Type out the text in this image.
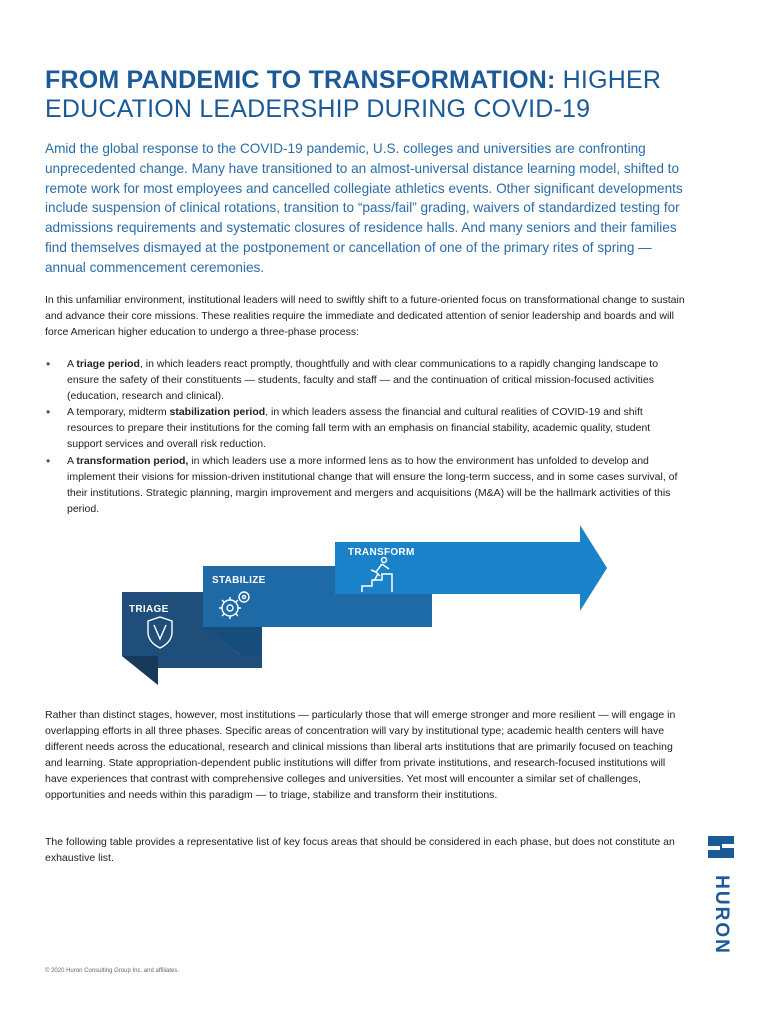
FROM PANDEMIC TO TRANSFORMATION: HIGHER EDUCATION LEADERSHIP DURING COVID-19

Amid the global response to the COVID-19 pandemic, U.S. colleges and universities are confronting unprecedented change. Many have transitioned to an almost-universal distance learning model, shifted to remote work for most employees and cancelled collegiate athletics events. Other significant developments include suspension of clinical rotations, transition to “pass/fail” grading, waivers of standardized testing for admissions requirements and systematic closures of residence halls. And many seniors and their families find themselves dismayed at the postponement or cancellation of one of the primary rites of spring — annual commencement ceremonies.

In this unfamiliar environment, institutional leaders will need to swiftly shift to a future-oriented focus on transformational change to sustain and advance their core missions. These realities require the immediate and dedicated attention of senior leadership and boards and will force American higher education to undergo a three-phase process:

• A triage period, in which leaders react promptly, thoughtfully and with clear communications to a rapidly changing landscape to ensure the safety of their constituents — students, faculty and staff — and the continuation of critical mission-focused activities (education, research and clinical).
• A temporary, midterm stabilization period, in which leaders assess the financial and cultural realities of COVID-19 and shift resources to prepare their institutions for the coming fall term with an emphasis on financial stability, academic quality, student support services and overall risk reduction.
• A transformation period, in which leaders use a more informed lens as to how the environment has unfolded to develop and implement their visions for mission-driven institutional change that will ensure the long-term success, and in some cases survival, of their institutions. Strategic planning, margin improvement and mergers and acquisitions (M&A) will be the hallmark activities of this period.
TRANSFORM
STABILIZE
TRIAGE

Rather than distinct stages, however, most institutions — particularly those that will emerge stronger and more resilient — will engage in overlapping efforts in all three phases. Specific areas of concentration will vary by institutional type; academic health centers will have different needs across the educational, research and clinical missions than liberal arts institutions that are primarily focused on teaching and learning. State appropriation-dependent public institutions will differ from private institutions, and research-focused institutions will have experiences that contrast with comprehensive colleges and universities. Yet most will encounter a similar set of challenges, opportunities and needs within this paradigm — to triage, stabilize and transform their institutions.

The following table provides a representative list of key focus areas that should be considered in each phase, but does not constitute an exhaustive list.

HURON
© 2020 Huron Consulting Group Inc. and affiliates.
